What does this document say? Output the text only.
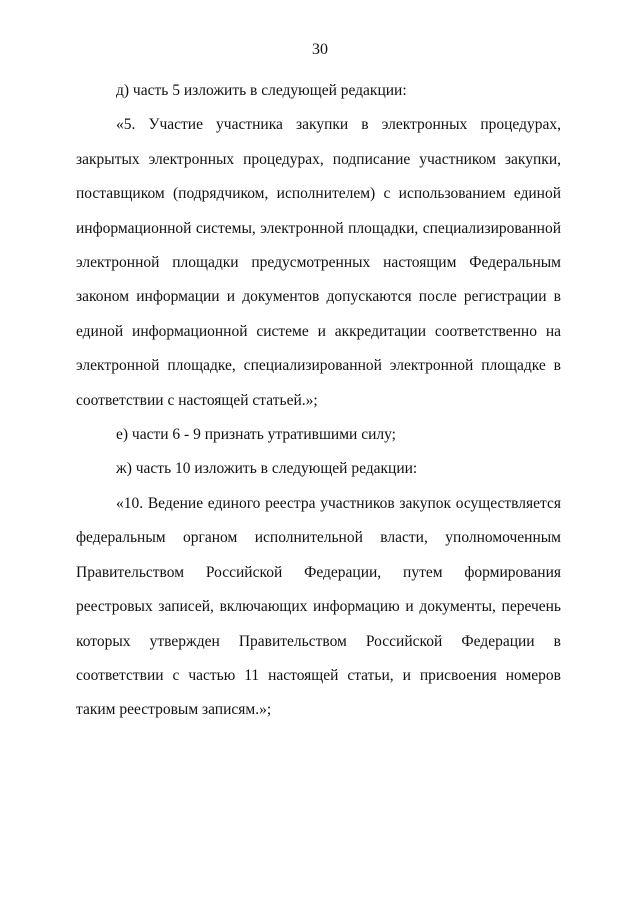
30

д) часть 5 изложить в следующей редакции:

«5. Участие участника закупки в электронных процедурах, закрытых электронных процедурах, подписание участником закупки, поставщиком (подрядчиком, исполнителем) с использованием единой информационной системы, электронной площадки, специализированной электронной площадки предусмотренных настоящим Федеральным законом информации и документов допускаются после регистрации в единой информационной системе и аккредитации соответственно на электронной площадке, специализированной электронной площадке в соответствии с настоящей статьей.»;

е) части 6 - 9 признать утратившими силу;

ж) часть 10 изложить в следующей редакции:

«10. Ведение единого реестра участников закупок осуществляется федеральным органом исполнительной власти, уполномоченным Правительством Российской Федерации, путем формирования реестровых записей, включающих информацию и документы, перечень которых утвержден Правительством Российской Федерации в соответствии с частью 11 настоящей статьи, и присвоения номеров таким реестровым записям.»;
